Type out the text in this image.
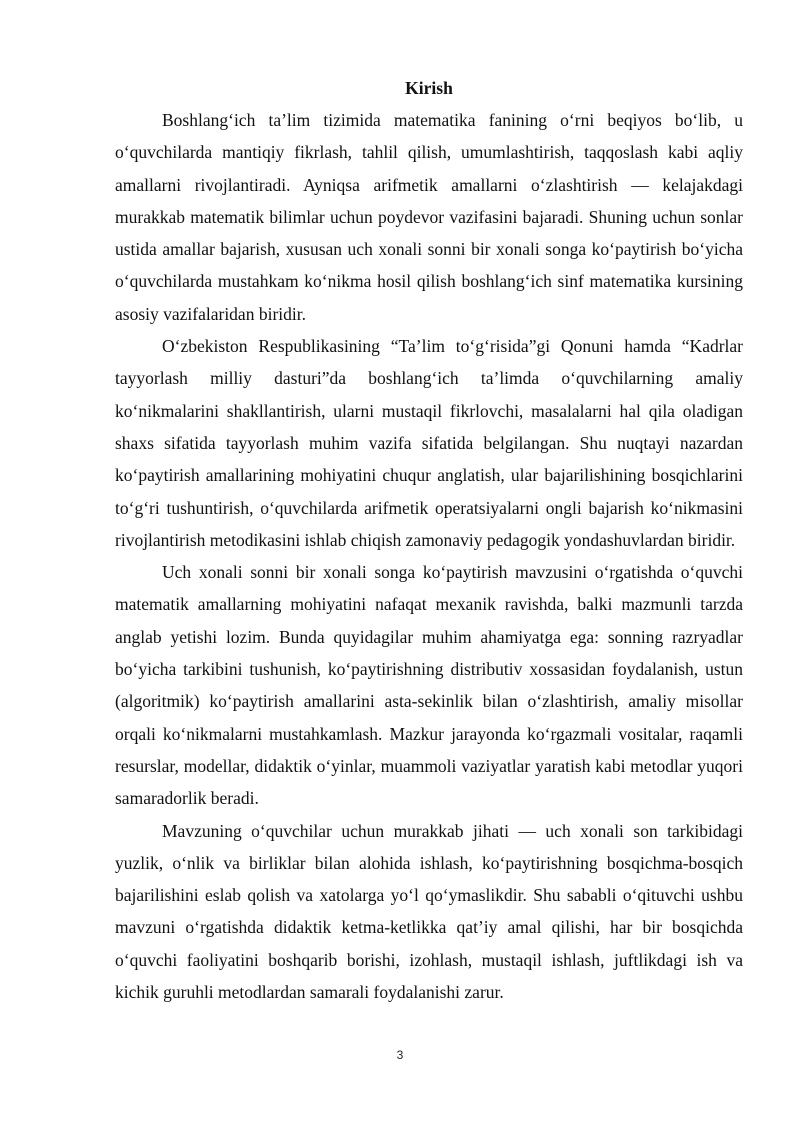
Kirish

Boshlang‘ich ta’lim tizimida matematika fanining o‘rni beqiyos bo‘lib, u o‘quvchilarda mantiqiy fikrlash, tahlil qilish, umumlashtirish, taqqoslash kabi aqliy amallarni rivojlantiradi. Ayniqsa arifmetik amallarni o‘zlashtirish — kelajakdagi murakkab matematik bilimlar uchun poydevor vazifasini bajaradi. Shuning uchun sonlar ustida amallar bajarish, xususan uch xonali sonni bir xonali songa ko‘paytirish bo‘yicha o‘quvchilarda mustahkam ko‘nikma hosil qilish boshlang‘ich sinf matematika kursining asosiy vazifalaridan biridir.

O‘zbekiston Respublikasining “Ta’lim to‘g‘risida”gi Qonuni hamda “Kadrlar tayyorlash milliy dasturi”da boshlang‘ich ta’limda o‘quvchilarning amaliy ko‘nikmalarini shakllantirish, ularni mustaqil fikrlovchi, masalalarni hal qila oladigan shaxs sifatida tayyorlash muhim vazifa sifatida belgilangan. Shu nuqtayi nazardan ko‘paytirish amallarining mohiyatini chuqur anglatish, ular bajarilishining bosqichlarini to‘g‘ri tushuntirish, o‘quvchilarda arifmetik operatsiyalarni ongli bajarish ko‘nikmasini rivojlantirish metodikasini ishlab chiqish zamonaviy pedagogik yondashuvlardan biridir.

Uch xonali sonni bir xonali songa ko‘paytirish mavzusini o‘rgatishda o‘quvchi matematik amallarning mohiyatini nafaqat mexanik ravishda, balki mazmunli tarzda anglab yetishi lozim. Bunda quyidagilar muhim ahamiyatga ega: sonning razryadlar bo‘yicha tarkibini tushunish, ko‘paytirishning distributiv xossasidan foydalanish, ustun (algoritmik) ko‘paytirish amallarini asta-sekinlik bilan o‘zlashtirish, amaliy misollar orqali ko‘nikmalarni mustahkamlash. Mazkur jarayonda ko‘rgazmali vositalar, raqamli resurslar, modellar, didaktik o‘yinlar, muammoli vaziyatlar yaratish kabi metodlar yuqori samaradorlik beradi.

Mavzuning o‘quvchilar uchun murakkab jihati — uch xonali son tarkibidagi yuzlik, o‘nlik va birliklar bilan alohida ishlash, ko‘paytirishning bosqichma-bosqich bajarilishini eslab qolish va xatolarga yo‘l qo‘ymaslikdir. Shu sababli o‘qituvchi ushbu mavzuni o‘rgatishda didaktik ketma-ketlikka qat’iy amal qilishi, har bir bosqichda o‘quvchi faoliyatini boshqarib borishi, izohlash, mustaqil ishlash, juftlikdagi ish va kichik guruhli metodlardan samarali foydalanishi zarur.

3
